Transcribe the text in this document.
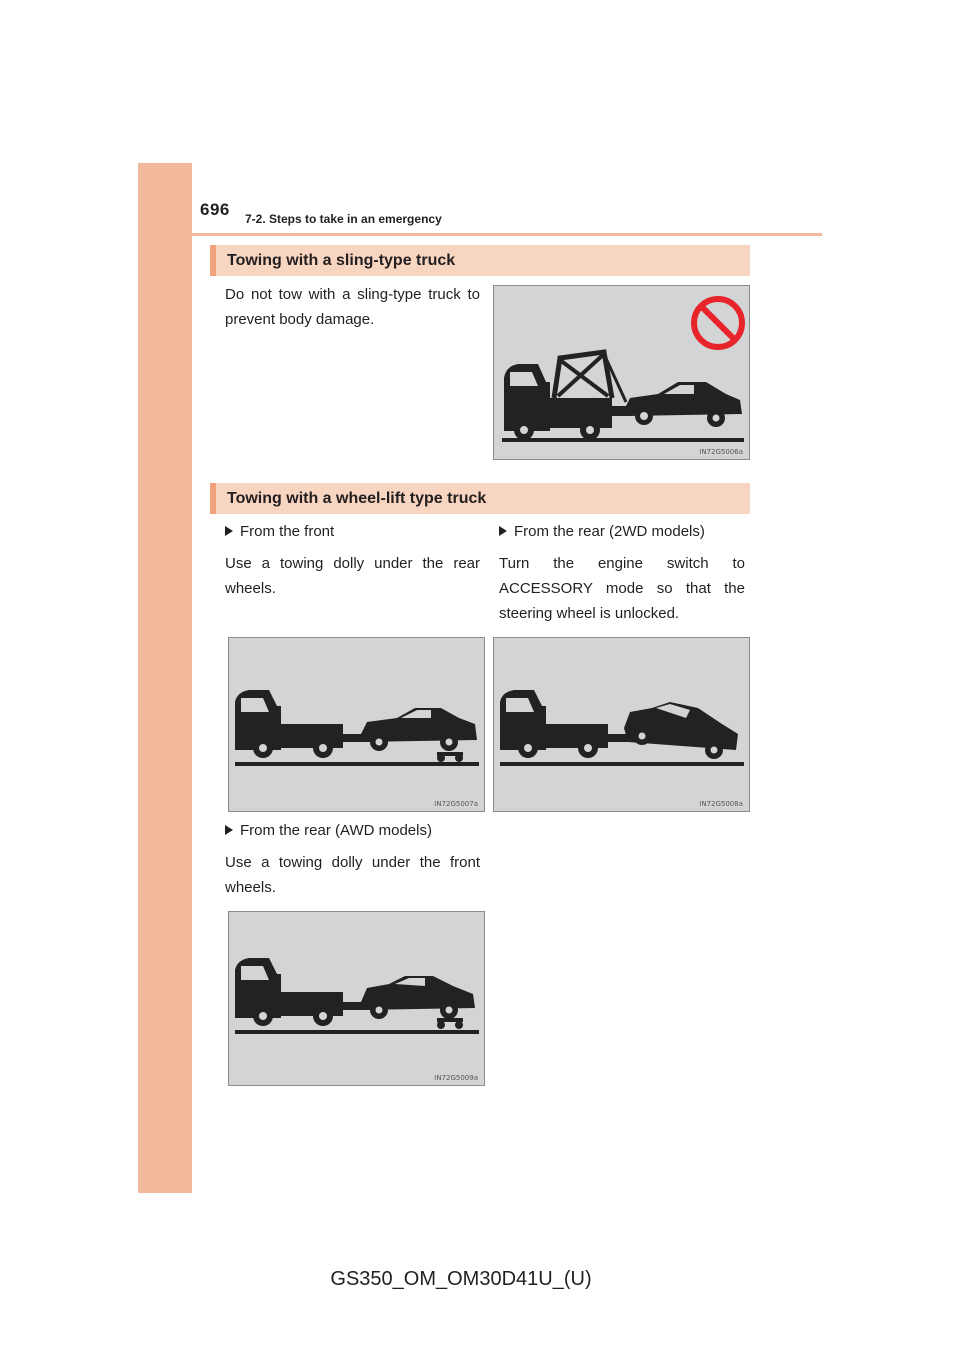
696 7-2. Steps to take in an emergency
Towing with a sling-type truck

Do not tow with a sling-type truck to prevent body damage.

IN72G5006a
Towing with a wheel-lift type truck
From the front

Use a towing dolly under the rear wheels.

From the rear (2WD models)

Turn the engine switch to ACCESSORY mode so that the steering wheel is unlocked.

IN72G5007a	IN72G5008a
From the rear (AWD models)

Use a towing dolly under the front wheels.

IN72G5009a
GS350_OM_OM30D41U_(U)
